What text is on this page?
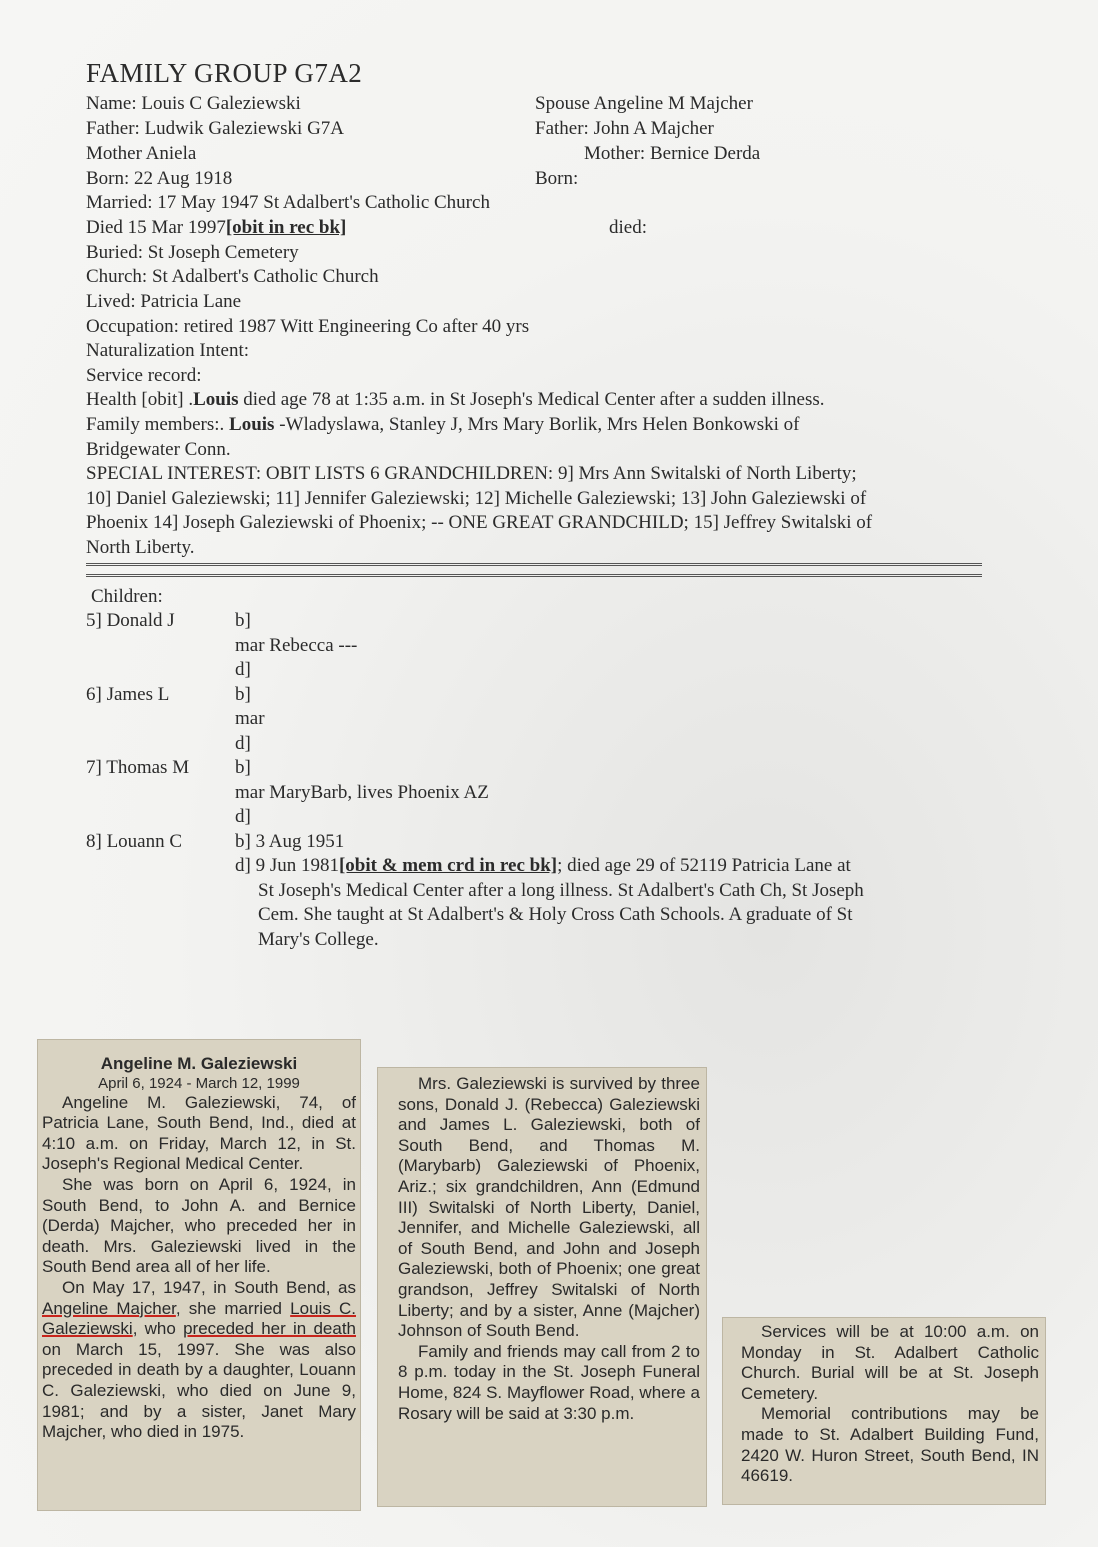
FAMILY GROUP G7A2
Name: Louis C Galeziewski
Father: Ludwik Galeziewski G7A
Mother Aniela
Born: 22 Aug 1918
Married: 17 May 1947 St Adalbert's Catholic Church
Died 15 Mar 1997[obit in rec bk]
Buried: St Joseph Cemetery
Church: St Adalbert's Catholic Church
Lived: Patricia Lane
Occupation: retired 1987 Witt Engineering Co after 40 yrs
Naturalization Intent:
Service record:
Spouse Angeline M Majcher
Father: John A Majcher
Mother: Bernice Derda
Born:
died:
Health [obit] .Louis died age 78 at 1:35 a.m. in St Joseph's Medical Center after a sudden illness.
Family members:. Louis -Wladyslawa, Stanley J, Mrs Mary Borlik, Mrs Helen Bonkowski of
Bridgewater Conn.
SPECIAL INTEREST: OBIT LISTS 6 GRANDCHILDREN: 9] Mrs Ann Switalski of North Liberty;
10] Daniel Galeziewski; 11] Jennifer Galeziewski; 12] Michelle Galeziewski; 13] John Galeziewski of
Phoenix 14] Joseph Galeziewski of Phoenix; -- ONE GREAT GRANDCHILD; 15] Jeffrey Switalski of
North Liberty.
Children:
5] Donald J	b]
mar Rebecca ---
d]
6] James L	b]
mar
d]
7] Thomas M b]
mar MaryBarb, lives Phoenix AZ
d]
8] Louann C	b] 3 Aug 1951
d] 9 Jun 1981[obit & mem crd in rec bk]; died age 29 of 52119 Patricia Lane at
St Joseph's Medical Center after a long illness. St Adalbert's Cath Ch, St Joseph
Cem. She taught at St Adalbert's & Holy Cross Cath Schools. A graduate of St
Mary's College.
Angeline M. Galeziewski
April 6, 1924 - March 12, 1999

Angeline M. Galeziewski, 74, of Patricia Lane, South Bend, Ind., died at 4:10 a.m. on Friday, March 12, in St. Joseph's Regional Medical Center.

She was born on April 6, 1924, in South Bend, to John A. and Bernice (Derda) Majcher, who preceded her in death. Mrs. Galeziewski lived in the South Bend area all of her life.

On May 17, 1947, in South Bend, as Angeline Majcher, she married Louis C. Galeziewski, who preceded her in death on March 15, 1997. She was also preceded in death by a daughter, Louann C. Galeziewski, who died on June 9, 1981; and by a sister, Janet Mary Majcher, who died in 1975.

Mrs. Galeziewski is survived by three sons, Donald J. (Rebecca) Galeziewski and James L. Galeziewski, both of South Bend, and Thomas M. (Marybarb) Galeziewski of Phoenix, Ariz.; six grandchildren, Ann (Edmund III) Switalski of North Liberty, Daniel, Jennifer, and Michelle Galeziewski, all of South Bend, and John and Joseph Galeziewski, both of Phoenix; one great grandson, Jeffrey Switalski of North Liberty; and by a sister, Anne (Majcher) Johnson of South Bend.

Family and friends may call from 2 to 8 p.m. today in the St. Joseph Funeral Home, 824 S. Mayflower Road, where a Rosary will be said at 3:30 p.m.

Services will be at 10:00 a.m. on Monday in St. Adalbert Catholic Church. Burial will be at St. Joseph Cemetery.

Memorial contributions may be made to St. Adalbert Building Fund, 2420 W. Huron Street, South Bend, IN 46619.
